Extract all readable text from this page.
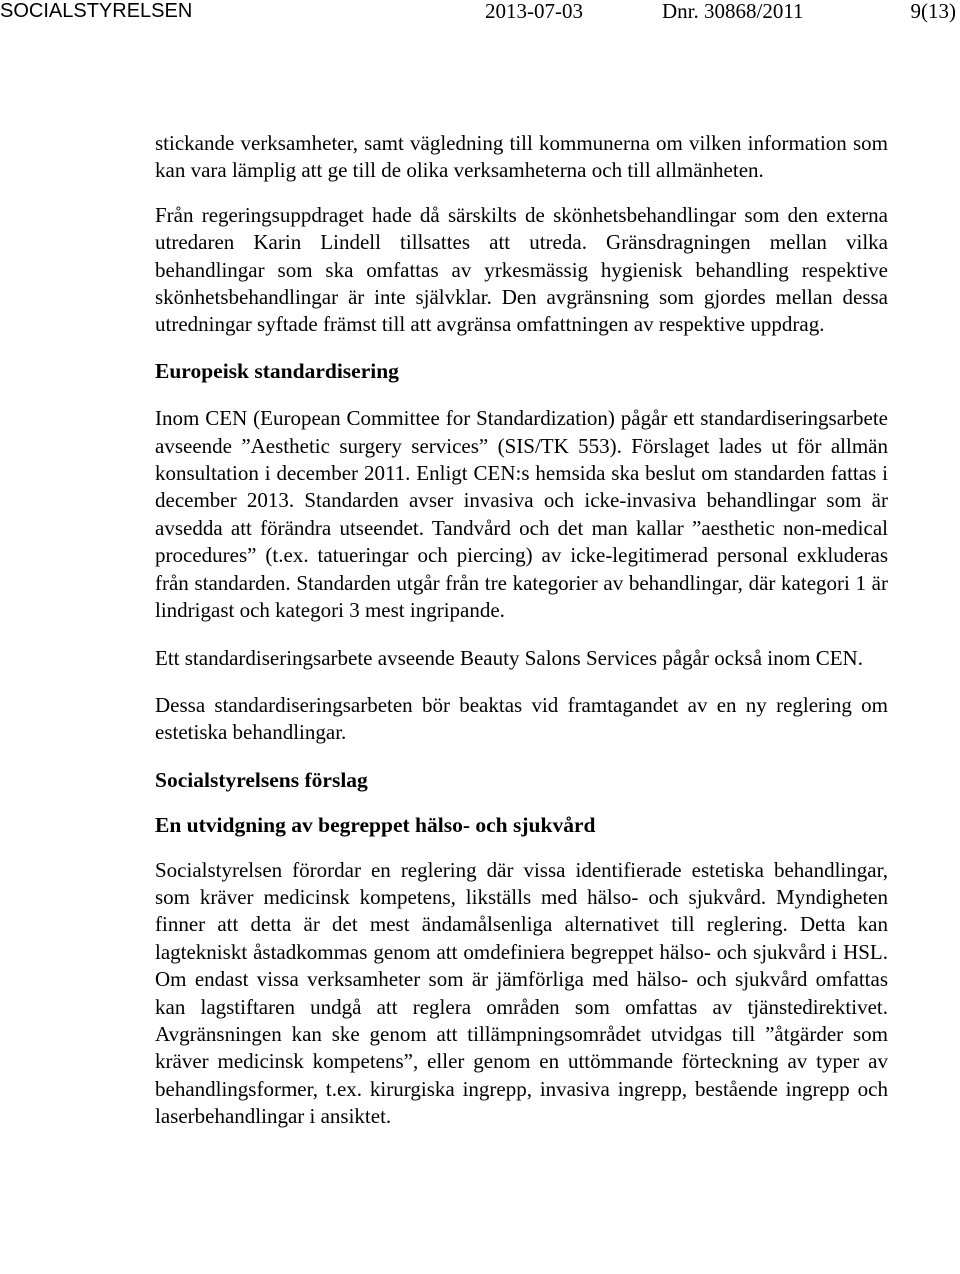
SOCIALSTYRELSEN	2013-07-03	Dnr. 30868/2011	9(13)

stickande verksamheter, samt vägledning till kommunerna om vilken information som kan vara lämplig att ge till de olika verksamheterna och till allmänheten.

Från regeringsuppdraget hade då särskilts de skönhetsbehandlingar som den externa utredaren Karin Lindell tillsattes att utreda. Gränsdragningen mellan vilka behandlingar som ska omfattas av yrkesmässig hygienisk behandling respektive skönhetsbehandlingar är inte självklar. Den avgränsning som gjordes mellan dessa utredningar syftade främst till att avgränsa omfattningen av respektive uppdrag.

Europeisk standardisering

Inom CEN (European Committee for Standardization) pågår ett standardiseringsarbete avseende ”Aesthetic surgery services” (SIS/TK 553). Förslaget lades ut för allmän konsultation i december 2011. Enligt CEN:s hemsida ska beslut om standarden fattas i december 2013. Standarden avser invasiva och icke-invasiva behandlingar som är avsedda att förändra utseendet. Tandvård och det man kallar ”aesthetic non-medical procedures” (t.ex. tatueringar och piercing) av icke-legitimerad personal exkluderas från standarden. Standarden utgår från tre kategorier av behandlingar, där kategori 1 är lindrigast och kategori 3 mest ingripande.

Ett standardiseringsarbete avseende Beauty Salons Services pågår också inom CEN.

Dessa standardiseringsarbeten bör beaktas vid framtagandet av en ny reglering om estetiska behandlingar.

Socialstyrelsens förslag
En utvidgning av begreppet hälso- och sjukvård

Socialstyrelsen förordar en reglering där vissa identifierade estetiska behandlingar, som kräver medicinsk kompetens, likställs med hälso- och sjukvård. Myndigheten finner att detta är det mest ändamålsenliga alternativet till reglering. Detta kan lagtekniskt åstadkommas genom att omdefiniera begreppet hälso- och sjukvård i HSL. Om endast vissa verksamheter som är jämförliga med hälso- och sjukvård omfattas kan lagstiftaren undgå att reglera områden som omfattas av tjänstedirektivet. Avgränsningen kan ske genom att tillämpningsområdet utvidgas till ”åtgärder som kräver medicinsk kompetens”, eller genom en uttömmande förteckning av typer av behandlingsformer, t.ex. kirurgiska ingrepp, invasiva ingrepp, bestående ingrepp och laserbehandlingar i ansiktet.
